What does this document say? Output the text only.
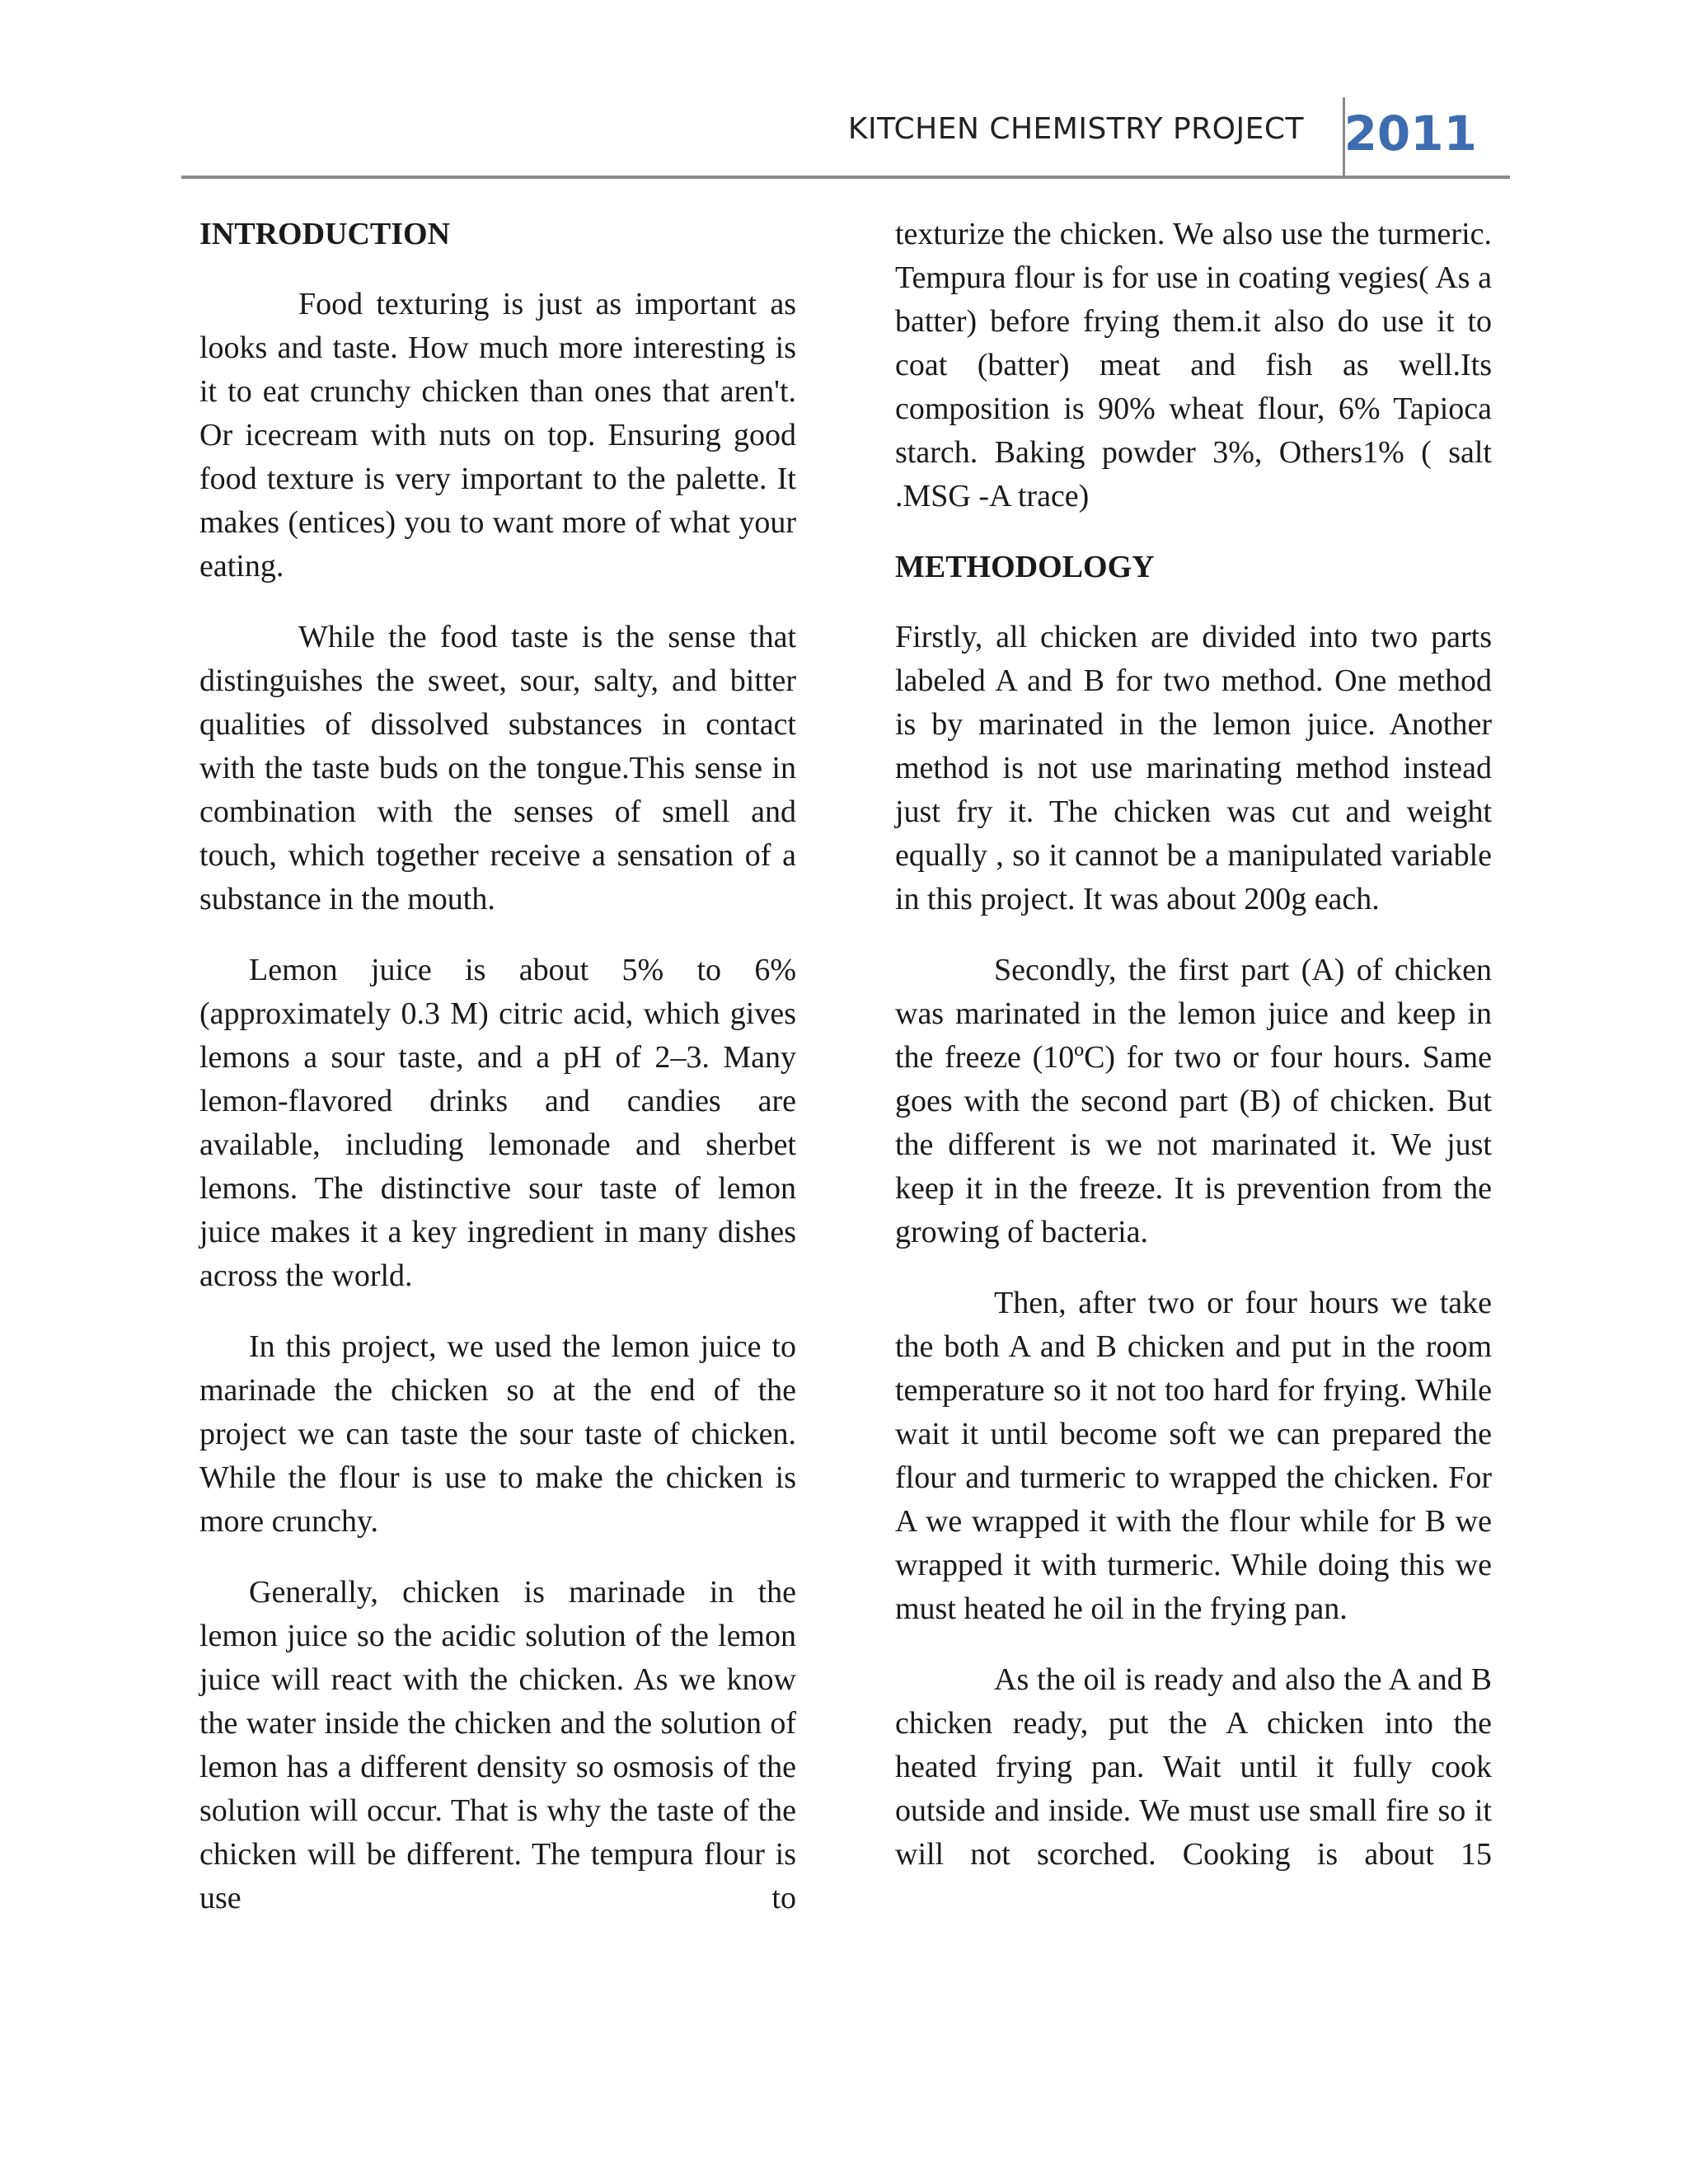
KITCHEN CHEMISTRY PROJECT 2011
INTRODUCTION

Food texturing is just as important as looks and taste. How much more interesting is it to eat crunchy chicken than ones that aren't. Or icecream with nuts on top. Ensuring good food texture is very important to the palette. It makes (entices) you to want more of what your eating.

While the food taste is the sense that distinguishes the sweet, sour, salty, and bitter qualities of dissolved substances in contact with the taste buds on the tongue.This sense in combination with the senses of smell and touch, which together receive a sensation of a substance in the mouth.

Lemon juice is about 5% to 6% (approximately 0.3 M) citric acid, which gives lemons a sour taste, and a pH of 2–3. Many lemon-flavored drinks and candies are available, including lemonade and sherbet lemons. The distinctive sour taste of lemon juice makes it a key ingredient in many dishes across the world.

In this project, we used the lemon juice to marinade the chicken so at the end of the project we can taste the sour taste of chicken. While the flour is use to make the chicken is more crunchy.

Generally, chicken is marinade in the lemon juice so the acidic solution of the lemon juice will react with the chicken. As we know the water inside the chicken and the solution of lemon has a different density so osmosis of the solution will occur. That is why the taste of the chicken will be different. The tempura flour is use to

texturize the chicken. We also use the turmeric. Tempura flour is for use in coating vegies( As a batter) before frying them.it also do use it to coat (batter) meat and fish as well.Its composition is 90% wheat flour, 6% Tapioca starch. Baking powder 3%, Others1% ( salt .MSG -A trace)

METHODOLOGY

Firstly, all chicken are divided into two parts labeled A and B for two method. One method is by marinated in the lemon juice. Another method is not use marinating method instead just fry it. The chicken was cut and weight equally , so it cannot be a manipulated variable in this project. It was about 200g each.

Secondly, the first part (A) of chicken was marinated in the lemon juice and keep in the freeze (10ºC) for two or four hours. Same goes with the second part (B) of chicken. But the different is we not marinated it. We just keep it in the freeze. It is prevention from the growing of bacteria.

Then, after two or four hours we take the both A and B chicken and put in the room temperature so it not too hard for frying. While wait it until become soft we can prepared the flour and turmeric to wrapped the chicken. For A we wrapped it with the flour while for B we wrapped it with turmeric. While doing this we must heated he oil in the frying pan.

As the oil is ready and also the A and B chicken ready, put the A chicken into the heated frying pan. Wait until it fully cook outside and inside. We must use small fire so it will not scorched. Cooking is about 15
